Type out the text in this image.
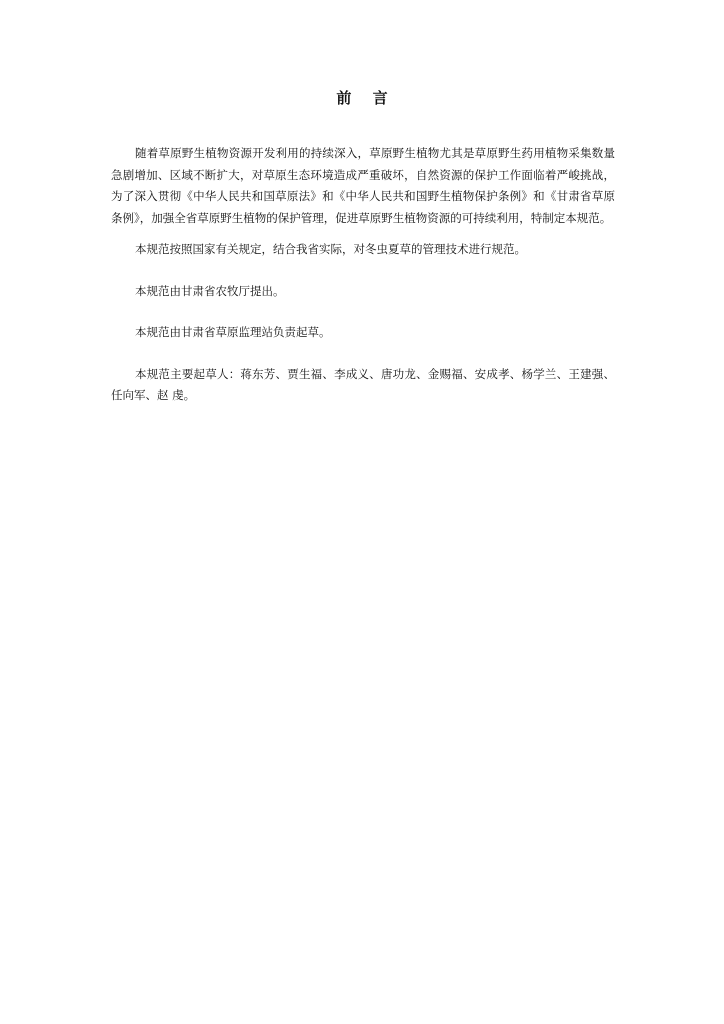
前 言

随着草原野生植物资源开发利用的持续深入，草原野生植物尤其是草原野生药用植物采集数量急剧增加、区域不断扩大，对草原生态环境造成严重破坏，自然资源的保护工作面临着严峻挑战，为了深入贯彻《中华人民共和国草原法》和《中华人民共和国野生植物保护条例》和《甘肃省草原条例》，加强全省草原野生植物的保护管理，促进草原野生植物资源的可持续利用，特制定本规范。

本规范按照国家有关规定，结合我省实际，对冬虫夏草的管理技术进行规范。

本规范由甘肃省农牧厅提出。

本规范由甘肃省草原监理站负责起草。

本规范主要起草人：蒋东芳、贾生福、李成义、唐功龙、金赐福、安成孝、杨学兰、王建强、任向军、赵 虔。
